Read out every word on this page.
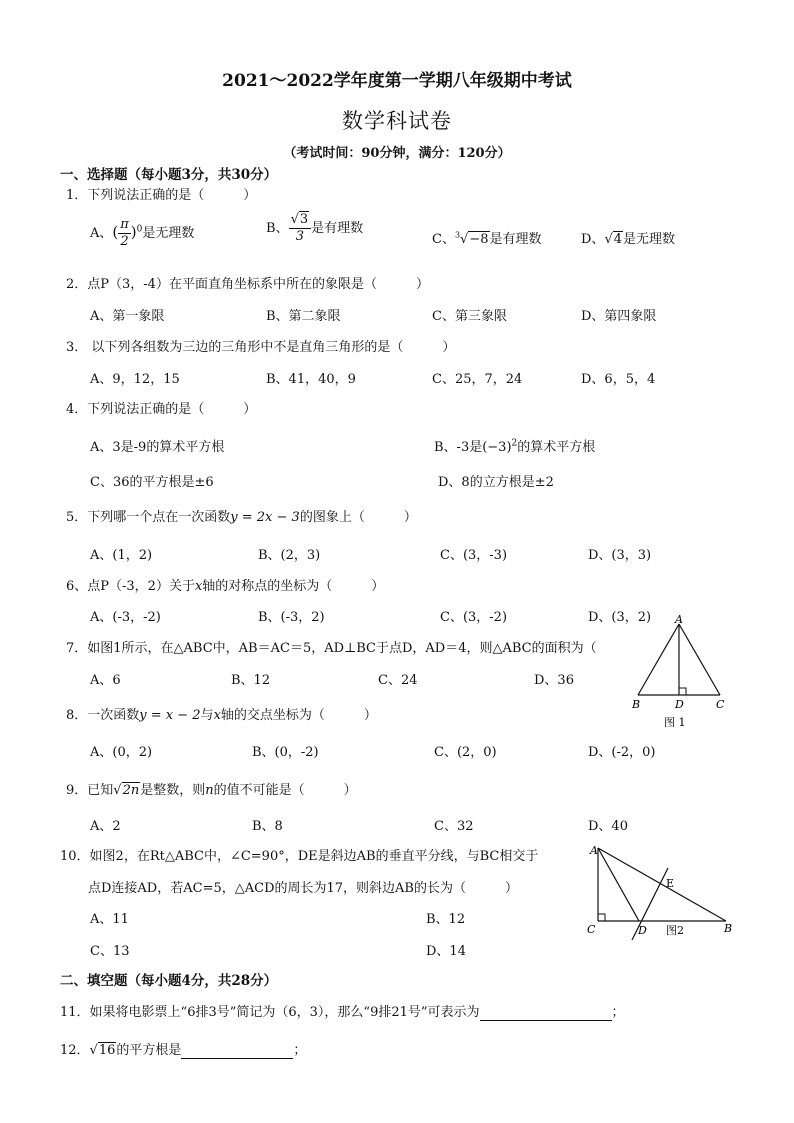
2021～2022学年度第一学期八年级期中考试
数学科试卷
（考试时间：90分钟，满分：120分）
一、选择题（每小题3分，共30分）
1．下列说法正确的是（　　　）
A、( $\frac{\pi}{2} )^0$是无理数	B、 $\frac{√3}{3}$ 是有理数
C、$^3$√−8是有理数	D、√4是无理数
2．点P（3，-4）在平面直角坐标系中所在的象限是（　　　）
A、第一象限	B、第二象限	C、第三象限	D、第四象限
3． 以下列各组数为三边的三角形中不是直角三角形的是（　　　）
A、9，12，15	B、41，40，9	C、25，7，24	D、6，5，4
4．下列说法正确的是（　　　）
A、3是-9的算术平方根	B、-3是$(-3)^2$的算术平方根
C、36的平方根是±6	D、8的立方根是±2
5．下列哪一个点在一次函数y = 2x − 3的图象上（　　　）
A、(1，2)	B、(2，3)	C、(3，-3)	D、(3，3)
6、点P（-3，2）关于x轴的对称点的坐标为（　　　）
A、(-3，-2)	B、(-3，2)	C、(3，-2)	D、(3，2)
7．如图1所示，在△ABC中，AB＝AC＝5，AD⊥BC于点D，AD＝4，则△ABC的面积为（
A、6	B、12	C、24	D、36
A
B	D	C
图 1
8．一次函数y = x − 2与x轴的交点坐标为（　　　）
A、(0，2)	B、(0，-2)	C、(2，0)	D、(-2，0)
9．已知√2n是整数，则n的值不可能是（　　　）
A、2	B、8	C、32	D、40
10．如图2，在Rt△ABC中，∠C=90°，DE是斜边AB的垂直平分线，与BC相交于
点D连接AD，若AC=5，△ACD的周长为17，则斜边AB的长为（　　　）
A、11	B、12
C、13	D、14
A
E
C	D 图2	B
二、填空题（每小题4分，共28分）
11．如果将电影票上“6排3号”简记为（6，3），那么“9排21号”可表示为	；
12．√16的平方根是	；
